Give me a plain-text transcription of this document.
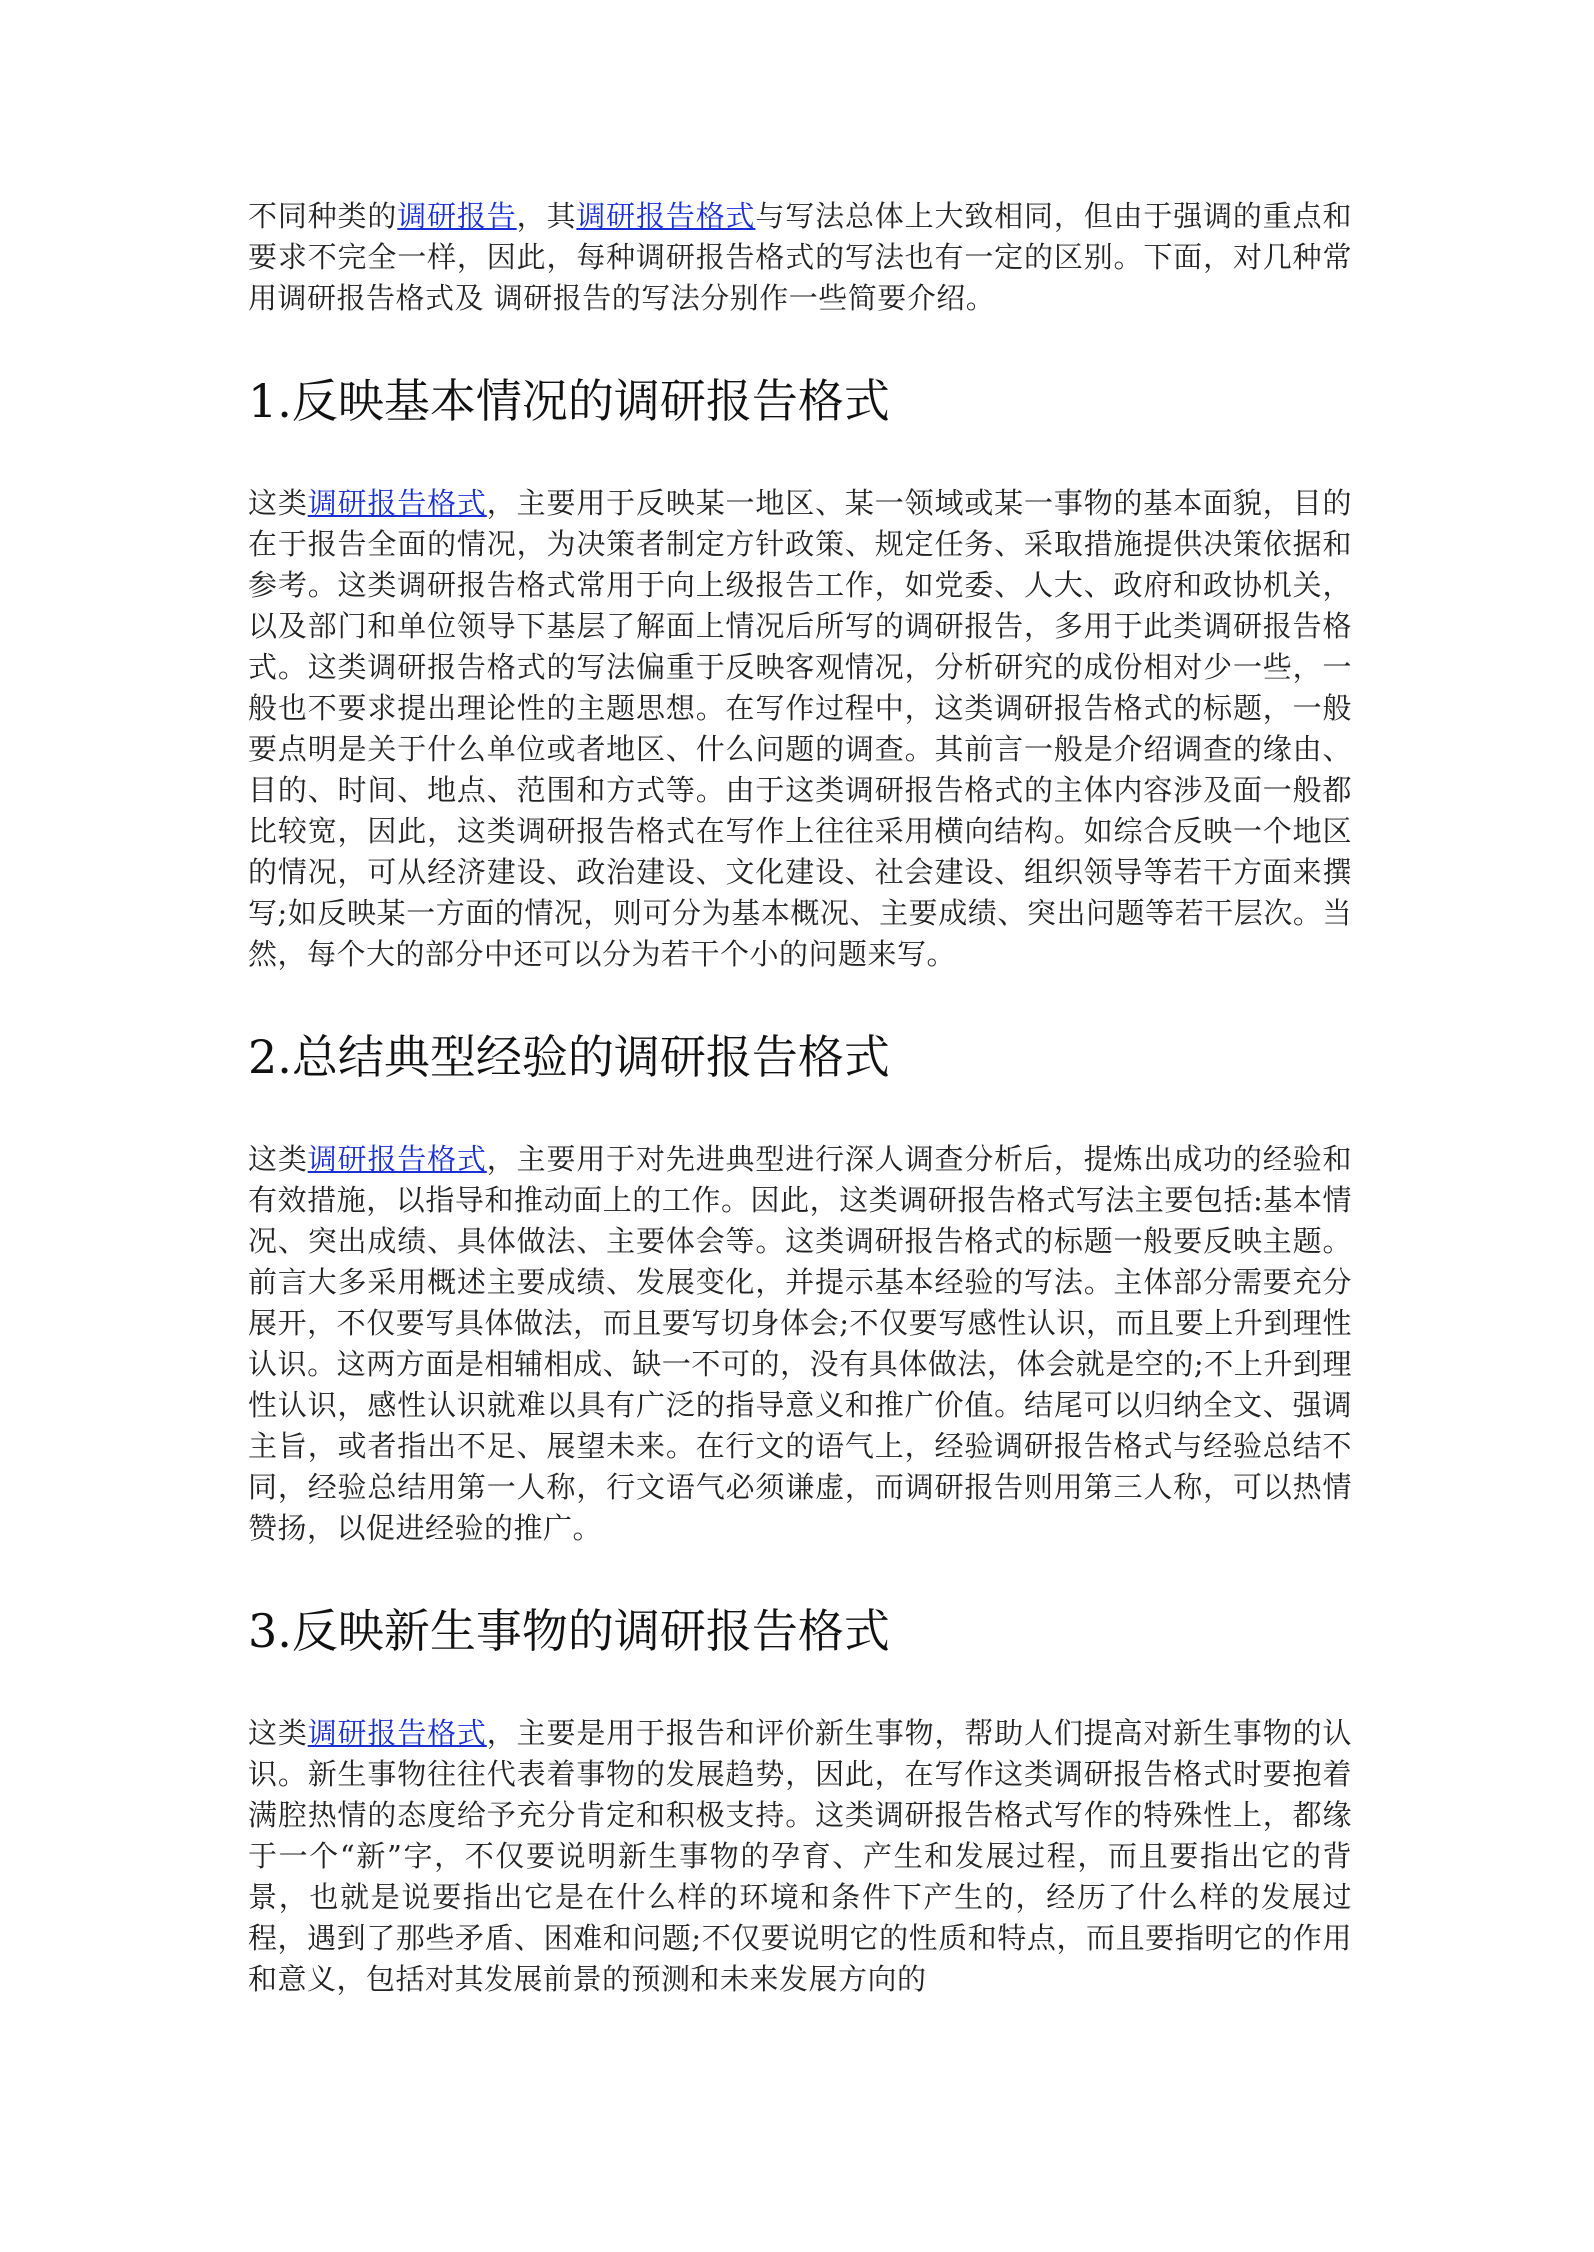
不同种类的调研报告，其调研报告格式与写法总体上大致相同，但由于强调的重点和要求不完全一样，因此，每种调研报告格式的写法也有一定的区别。下面，对几种常用调研报告格式及 调研报告的写法分别作一些简要介绍。

1.反映基本情况的调研报告格式

这类调研报告格式，主要用于反映某一地区、某一领域或某一事物的基本面貌，目的在于报告全面的情况，为决策者制定方针政策、规定任务、采取措施提供决策依据和参考。这类调研报告格式常用于向上级报告工作，如党委、人大、政府和政协机关，以及部门和单位领导下基层了解面上情况后所写的调研报告，多用于此类调研报告格式。这类调研报告格式的写法偏重于反映客观情况，分析研究的成份相对少一些，一般也不要求提出理论性的主题思想。在写作过程中，这类调研报告格式的标题，一般要点明是关于什么单位或者地区、什么问题的调查。其前言一般是介绍调查的缘由、目的、时间、地点、范围和方式等。由于这类调研报告格式的主体内容涉及面一般都比较宽，因此，这类调研报告格式在写作上往往采用横向结构。如综合反映一个地区的情况，可从经济建设、政治建设、文化建设、社会建设、组织领导等若干方面来撰写;如反映某一方面的情况，则可分为基本概况、主要成绩、突出问题等若干层次。当然，每个大的部分中还可以分为若干个小的问题来写。

2.总结典型经验的调研报告格式

这类调研报告格式，主要用于对先进典型进行深人调查分析后，提炼出成功的经验和有效措施，以指导和推动面上的工作。因此，这类调研报告格式写法主要包括:基本情况、突出成绩、具体做法、主要体会等。这类调研报告格式的标题一般要反映主题。前言大多采用概述主要成绩、发展变化，并提示基本经验的写法。主体部分需要充分展开，不仅要写具体做法，而且要写切身体会;不仅要写感性认识，而且要上升到理性认识。这两方面是相辅相成、缺一不可的，没有具体做法，体会就是空的;不上升到理性认识，感性认识就难以具有广泛的指导意义和推广价值。结尾可以归纳全文、强调主旨，或者指出不足、展望未来。在行文的语气上，经验调研报告格式与经验总结不同，经验总结用第一人称，行文语气必须谦虚，而调研报告则用第三人称，可以热情赞扬，以促进经验的推广。

3.反映新生事物的调研报告格式

这类调研报告格式，主要是用于报告和评价新生事物，帮助人们提高对新生事物的认识。新生事物往往代表着事物的发展趋势，因此，在写作这类调研报告格式时要抱着满腔热情的态度给予充分肯定和积极支持。这类调研报告格式写作的特殊性上，都缘于一个“新”字，不仅要说明新生事物的孕育、产生和发展过程，而且要指出它的背景，也就是说要指出它是在什么样的环境和条件下产生的，经历了什么样的发展过程，遇到了那些矛盾、困难和问题;不仅要说明它的性质和特点，而且要指明它的作用和意义，包括对其发展前景的预测和未来发展方向的
